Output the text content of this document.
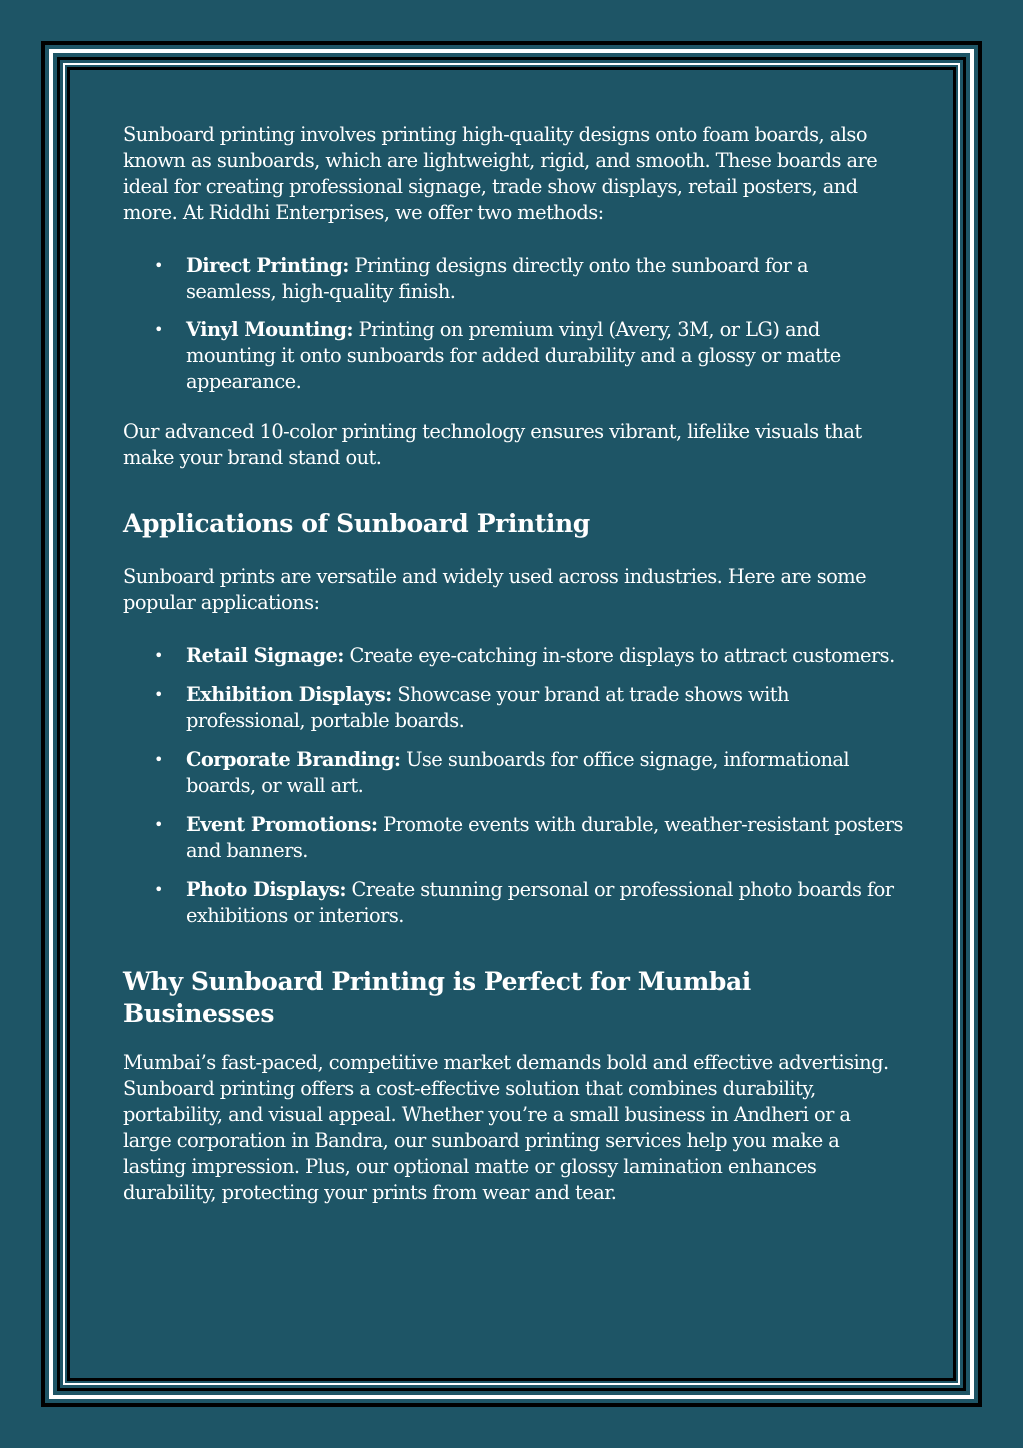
Sunboard printing involves printing high-quality designs onto foam boards, also known as sunboards, which are lightweight, rigid, and smooth. These boards are ideal for creating professional signage, trade show displays, retail posters, and more. At Riddhi Enterprises, we offer two methods:

• Direct Printing: Printing designs directly onto the sunboard for a seamless, high-quality finish.
• Vinyl Mounting: Printing on premium vinyl (Avery, 3M, or LG) and mounting it onto sunboards for added durability and a glossy or matte appearance.

Our advanced 10-color printing technology ensures vibrant, lifelike visuals that make your brand stand out.

Applications of Sunboard Printing

Sunboard prints are versatile and widely used across industries. Here are some popular applications:

• Retail Signage: Create eye-catching in-store displays to attract customers.
• Exhibition Displays: Showcase your brand at trade shows with professional, portable boards.
• Corporate Branding: Use sunboards for office signage, informational boards, or wall art.
• Event Promotions: Promote events with durable, weather-resistant posters and banners.
• Photo Displays: Create stunning personal or professional photo boards for exhibitions or interiors.
Why Sunboard Printing is Perfect for Mumbai Businesses

Mumbai’s fast-paced, competitive market demands bold and effective advertising. Sunboard printing offers a cost-effective solution that combines durability, portability, and visual appeal. Whether you’re a small business in Andheri or a large corporation in Bandra, our sunboard printing services help you make a lasting impression. Plus, our optional matte or glossy lamination enhances durability, protecting your prints from wear and tear.
